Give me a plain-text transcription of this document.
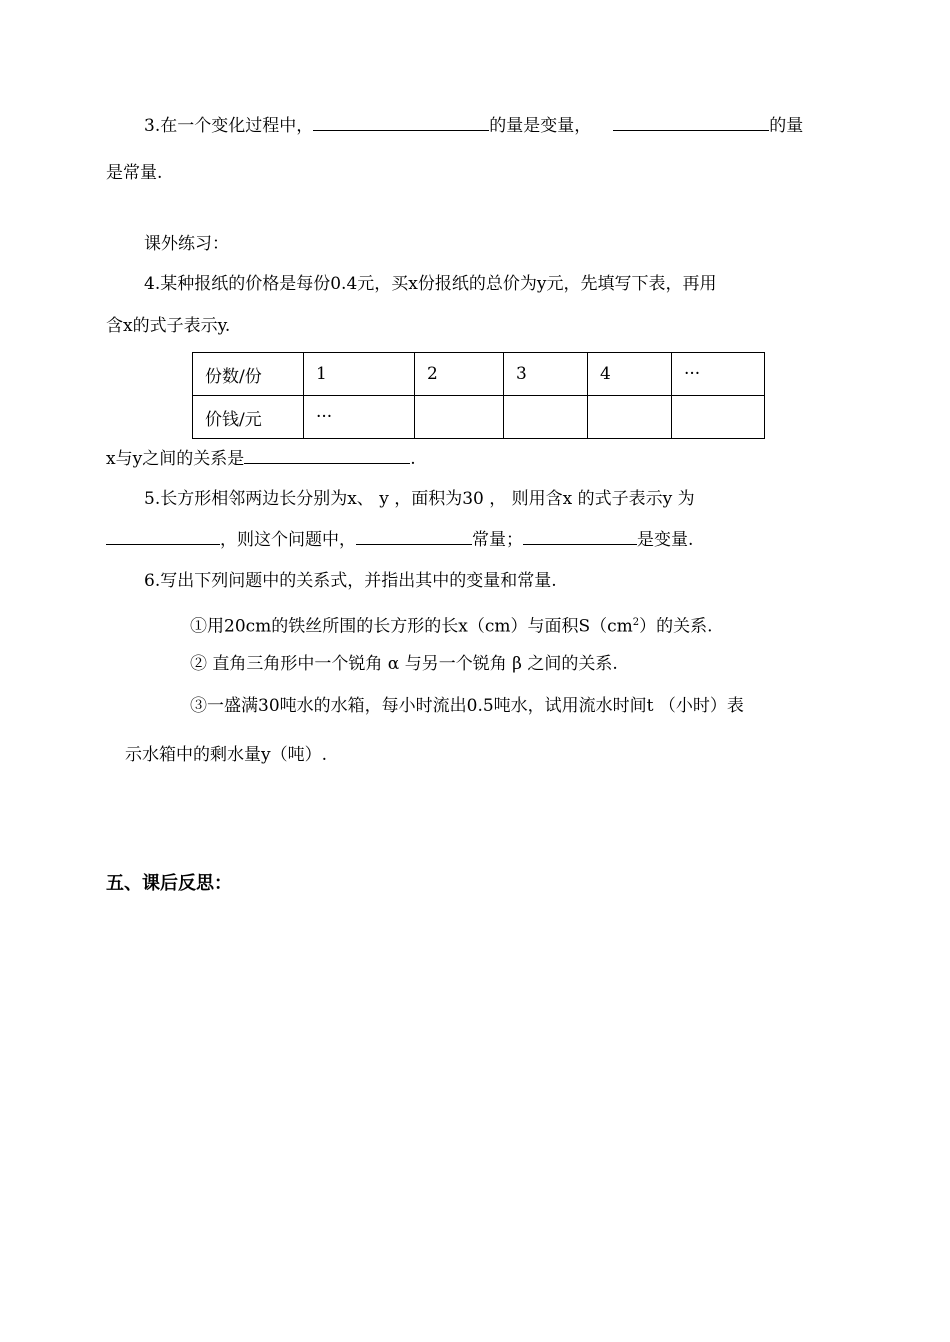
3.在一个变化过程中，	的量是变量，	的量
是常量.
课外练习：
4.某种报纸的价格是每份0.4元，买x份报纸的总价为y元，先填写下表，再用
含x的式子表示y.
份数/份	1	2	3	4	···
价钱/元	···				
x与y之间的关系是	.
5.长方形相邻两边长分别为x、 y ，面积为30 ， 则用含x 的式子表示y 为
，则这个问题中，	常量；	是变量.
6.写出下列问题中的关系式，并指出其中的变量和常量.
①用20cm的铁丝所围的长方形的长x（cm）与面积$S(cm^2)$的关系.
② 直角三角形中一个锐角 α 与另一个锐角 β 之间的关系.
③一盛满30吨水的水箱，每小时流出0.5吨水，试用流水时间t （小时）表
示水箱中的剩水量y（吨）.
五、课后反思：
